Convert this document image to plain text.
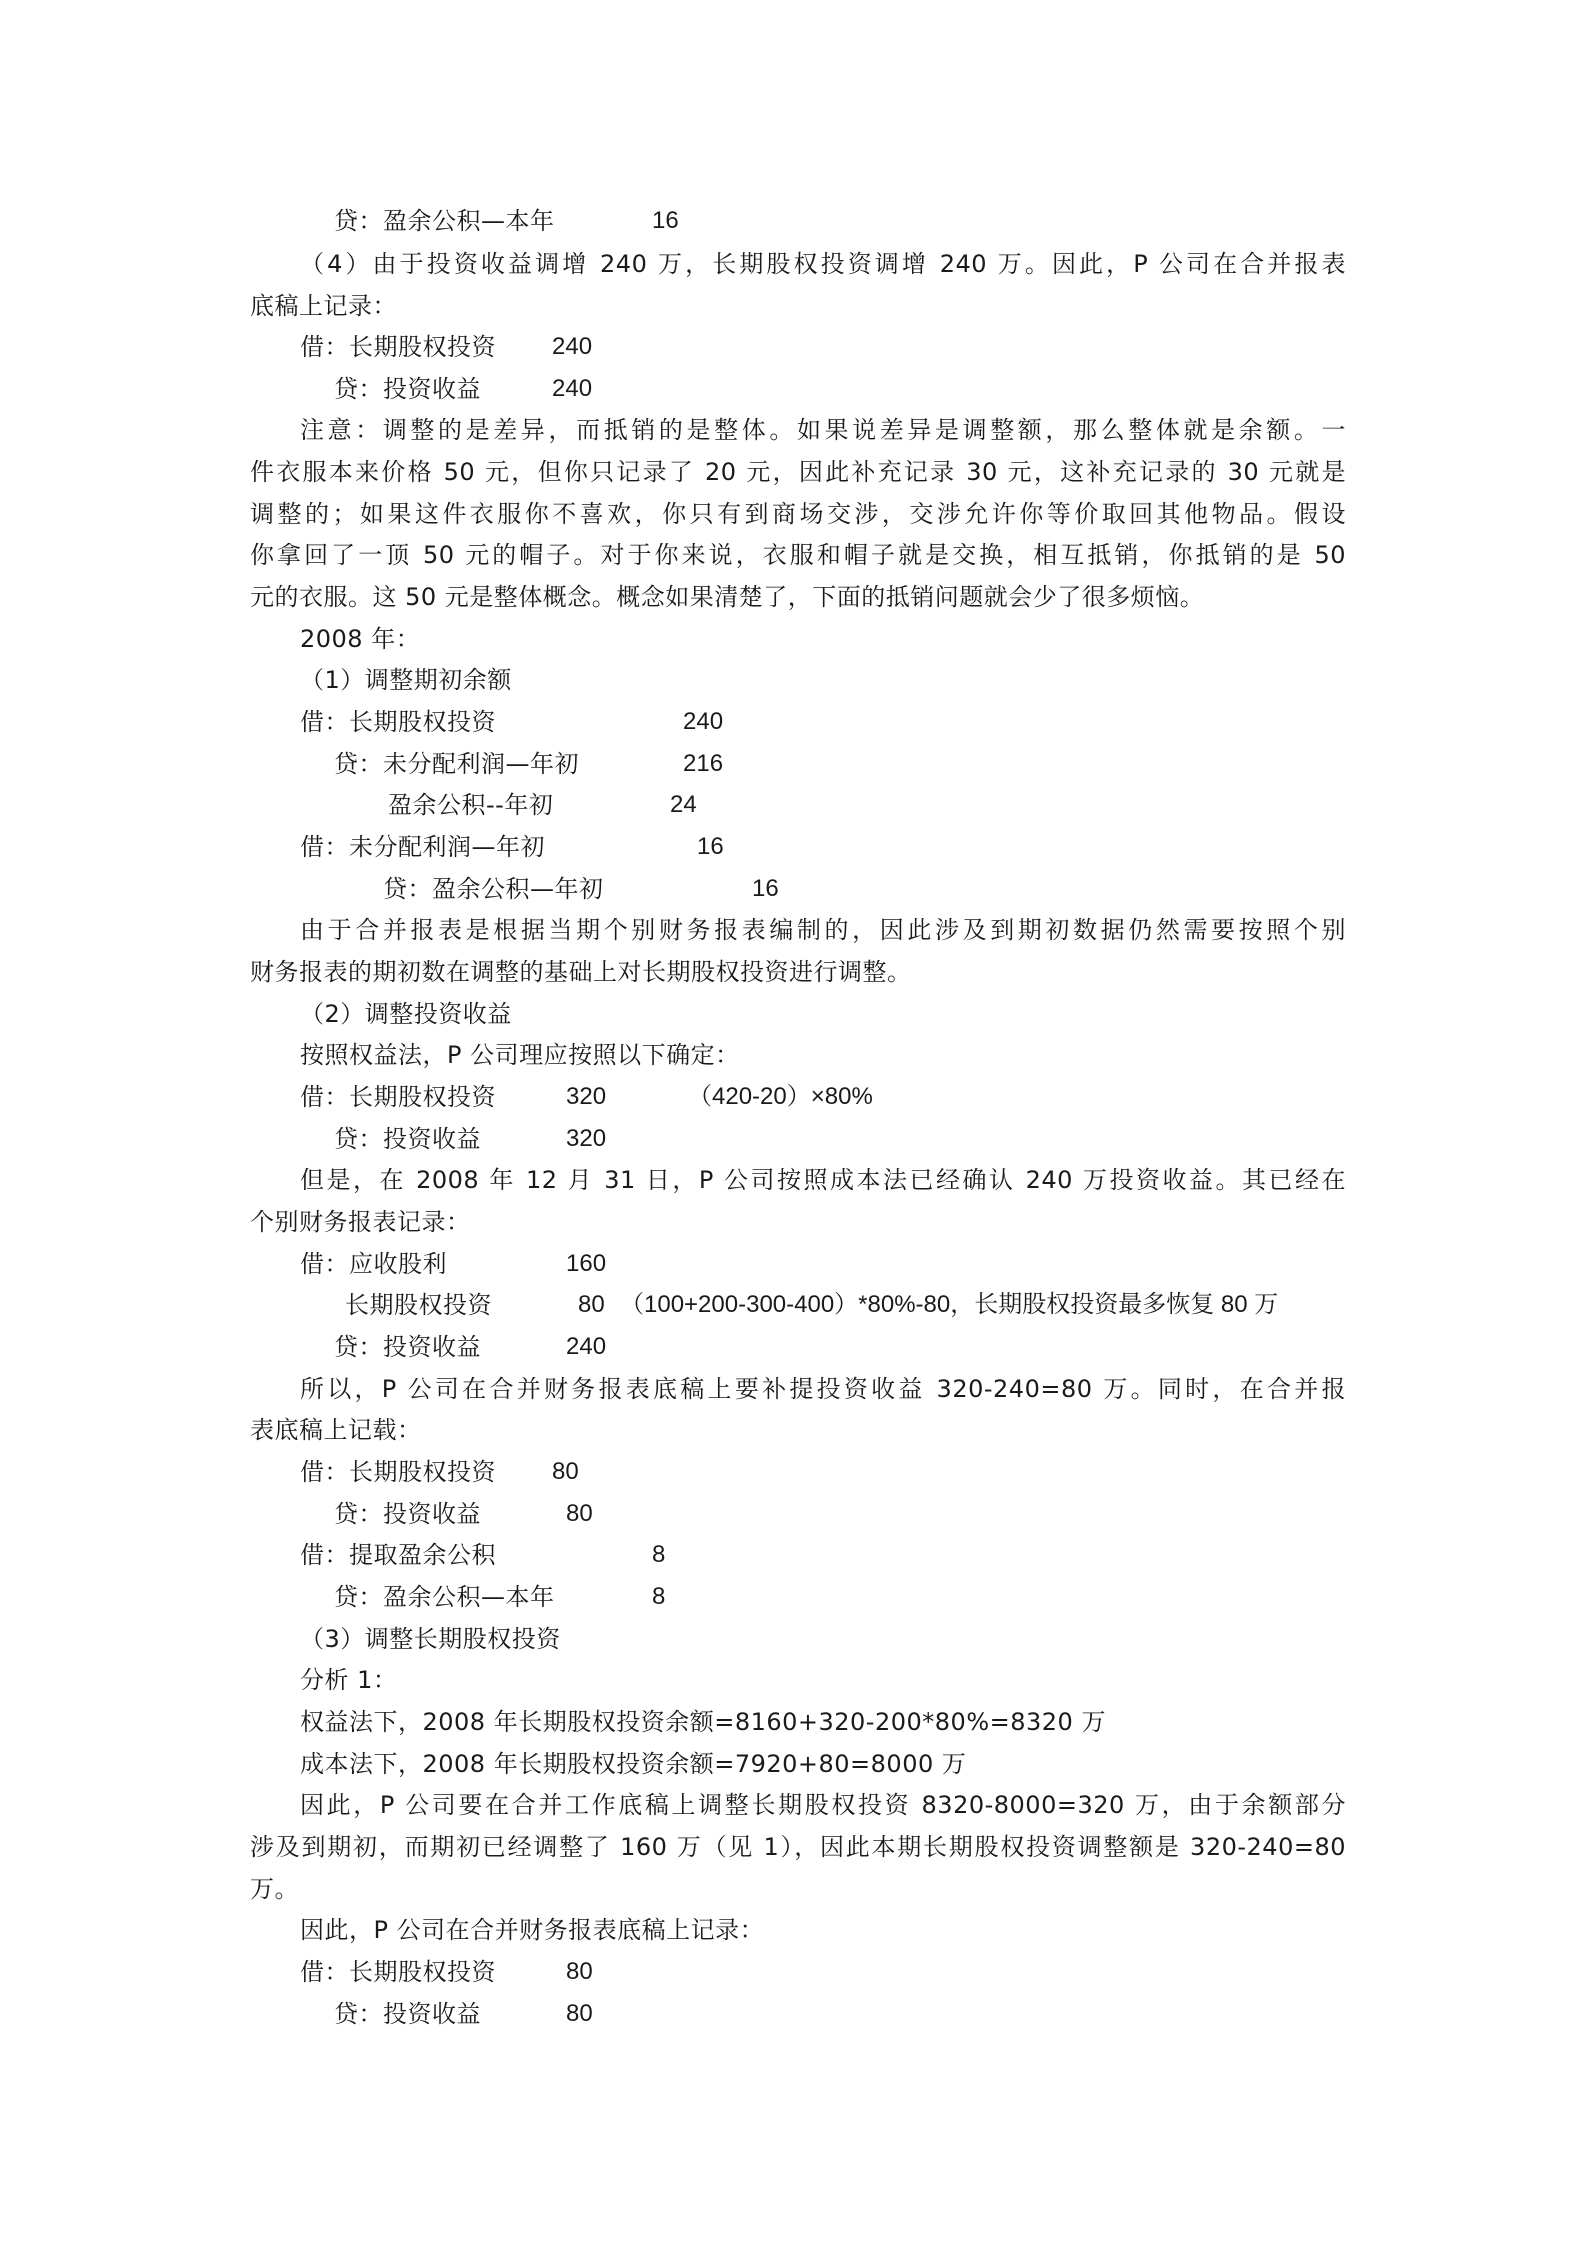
贷：盈余公积—本年	16
（4）由于投资收益调增 240 万，长期股权投资调增 240 万。因此，P 公司在合并报表
底稿上记录：
借：长期股权投资 240
贷：投资收益	240
注意：调整的是差异，而抵销的是整体。如果说差异是调整额，那么整体就是余额。一
件衣服本来价格 50 元，但你只记录了 20 元，因此补充记录 30 元，这补充记录的 30 元就是
调整的；如果这件衣服你不喜欢，你只有到商场交涉，交涉允许你等价取回其他物品。假设
你拿回了一顶 50 元的帽子。对于你来说，衣服和帽子就是交换，相互抵销，你抵销的是 50
元的衣服。这 50 元是整体概念。概念如果清楚了，下面的抵销问题就会少了很多烦恼。
2008 年：
（1）调整期初余额
借：长期股权投资	240
贷：未分配利润—年初	216
盈余公积--年初	24
借：未分配利润—年初	16
贷：盈余公积—年初	16
由于合并报表是根据当期个别财务报表编制的，因此涉及到期初数据仍然需要按照个别
财务报表的期初数在调整的基础上对长期股权投资进行调整。
（2）调整投资收益
按照权益法，P 公司理应按照以下确定：
借：长期股权投资	320	（420-20）×80%
贷：投资收益	320
但是，在 2008 年 12 月 31 日，P 公司按照成本法已经确认 240 万投资收益。其已经在
个别财务报表记录：
借：应收股利	160
长期股权投资	80 （100+200-300-400）*80%-80，长期股权投资最多恢复 80 万
贷：投资收益	240
所以，P 公司在合并财务报表底稿上要补提投资收益 320-240=80 万。同时，在合并报
表底稿上记载：
借：长期股权投资 80
贷：投资收益	80
借：提取盈余公积	8
贷：盈余公积—本年	8
（3）调整长期股权投资
分析 1：
权益法下，2008 年长期股权投资余额=8160+320-200*80%=8320 万
成本法下，2008 年长期股权投资余额=7920+80=8000 万
因此，P 公司要在合并工作底稿上调整长期股权投资 8320-8000=320 万，由于余额部分
涉及到期初，而期初已经调整了 160 万（见 1），因此本期长期股权投资调整额是 320-240=80
万。
因此，P 公司在合并财务报表底稿上记录：
借：长期股权投资	80
贷：投资收益	80
